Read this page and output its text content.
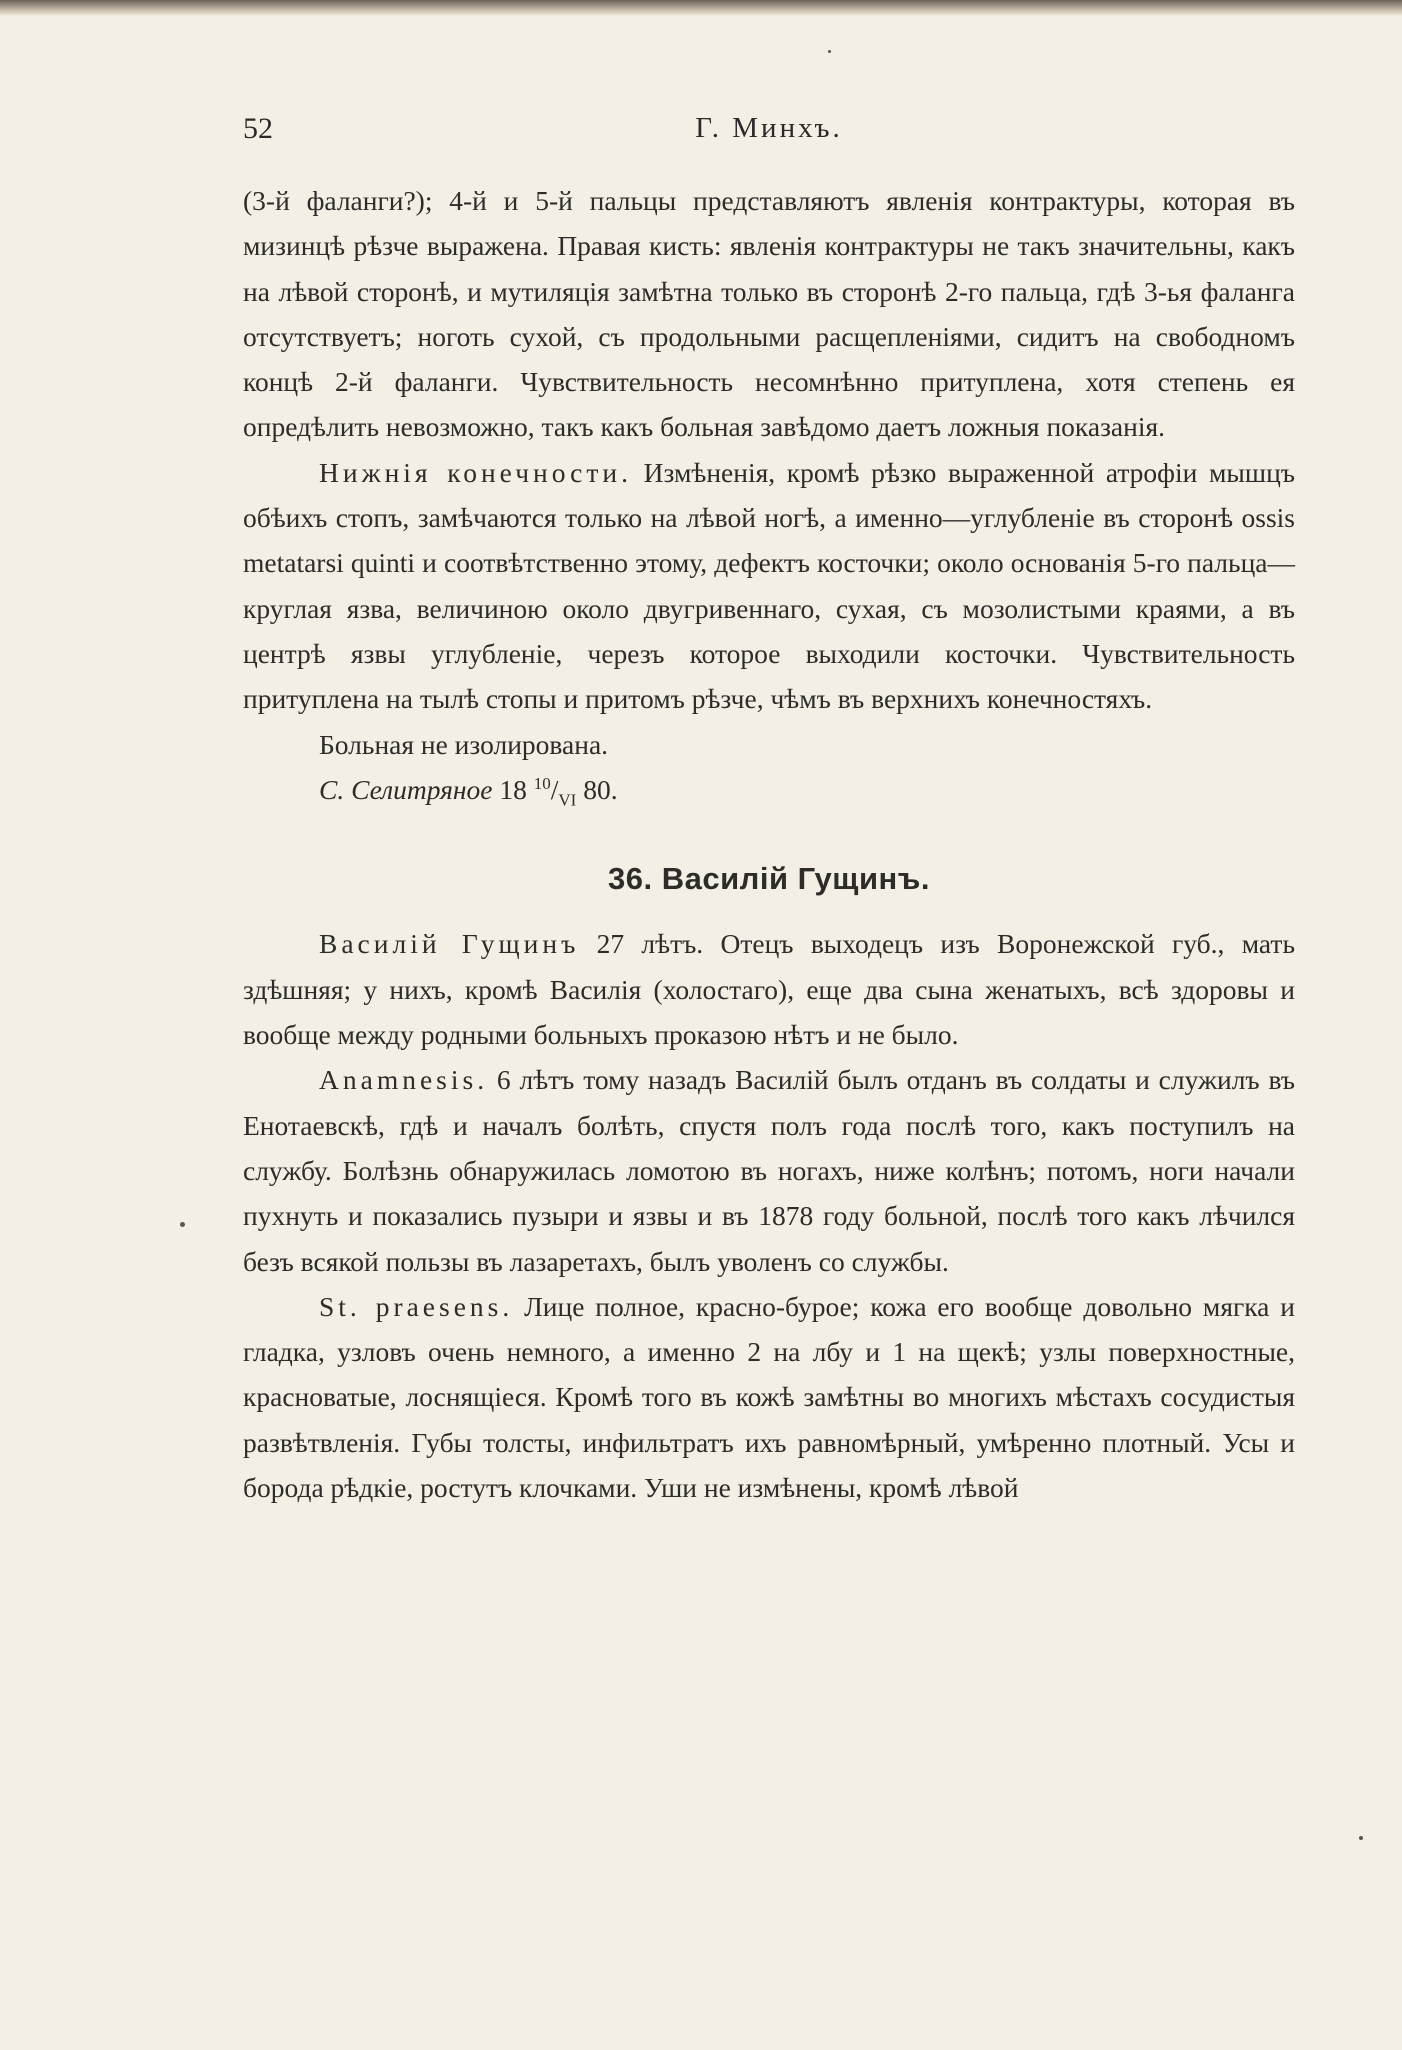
52	Г. Минхъ.

(3-й фаланги?); 4-й и 5-й пальцы представляютъ явленія контрактуры, которая въ мизинцѣ рѣзче выражена. Правая кисть: явленія контрактуры не такъ значительны, какъ на лѣвой сторонѣ, и мутиляція замѣтна только въ сторонѣ 2-го пальца, гдѣ 3-ья фаланга отсутствуетъ; ноготь сухой, съ продольными расщепленіями, сидитъ на свободномъ концѣ 2-й фаланги. Чувствительность несомнѣнно притуплена, хотя степень ея опредѣлить невозможно, такъ какъ больная завѣдомо даетъ ложныя показанія.

Нижнія конечности. Измѣненія, кромѣ рѣзко выраженной атрофіи мышцъ обѣихъ стопъ, замѣчаются только на лѣвой ногѣ, а именно—углубленіе въ сторонѣ ossis metatarsi quinti и соотвѣтственно этому, дефектъ косточки; около основанія 5-го пальца—круглая язва, величиною около двугривеннаго, сухая, съ мозолистыми краями, а въ центрѣ язвы углубленіе, черезъ которое выходили косточки. Чувствительность притуплена на тылѣ стопы и притомъ рѣзче, чѣмъ въ верхнихъ конечностяхъ.

Больная не изолирована.

С. Селитряное 18 $^{10}/_{VI}$ 80.

36. Василій Гущинъ.

Василій Гущинъ 27 лѣтъ. Отецъ выходецъ изъ Воронежской губ., мать здѣшняя; у нихъ, кромѣ Василія (холостаго), еще два сына женатыхъ, всѣ здоровы и вообще между родными больныхъ проказою нѣтъ и не было.

Anamnesis. 6 лѣтъ тому назадъ Василій былъ отданъ въ солдаты и служилъ въ Енотаевскѣ, гдѣ и началъ болѣть, спустя полъ года послѣ того, какъ поступилъ на службу. Болѣзнь обнаружилась ломотою въ ногахъ, ниже колѣнъ; потомъ, ноги начали пухнуть и показались пузыри и язвы и въ 1878 году больной, послѣ того какъ лѣчился безъ всякой пользы въ лазаретахъ, былъ уволенъ со службы.

St. praesens. Лице полное, красно-бурое; кожа его вообще довольно мягка и гладка, узловъ очень немного, а именно 2 на лбу и 1 на щекѣ; узлы поверхностные, красноватые, лоснящіеся. Кромѣ того въ кожѣ замѣтны во многихъ мѣстахъ сосудистыя развѣтвленія. Губы толсты, инфильтратъ ихъ равномѣрный, умѣренно плотный. Усы и борода рѣдкіе, ростутъ клочками. Уши не измѣнены, кромѣ лѣвой
